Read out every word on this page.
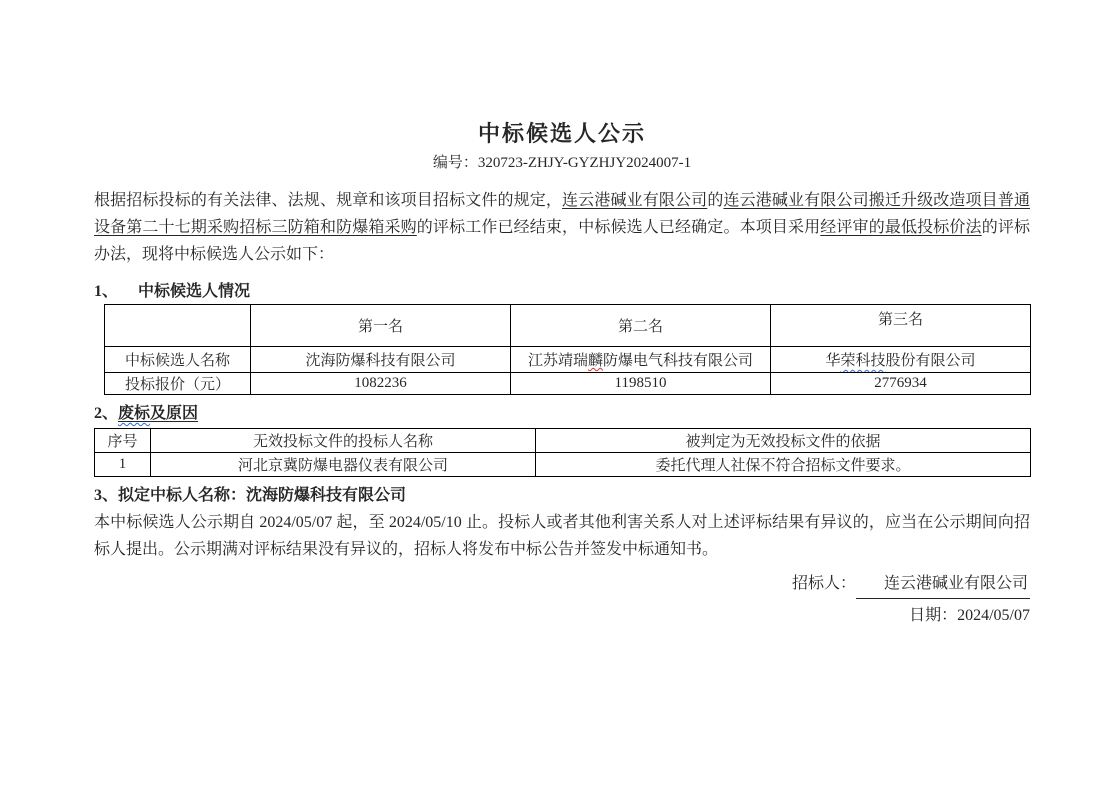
中标候选人公示
编号：320723-ZHJY-GYZHJY2024007-1
根据招标投标的有关法律、法规、规章和该项目招标文件的规定，连云港碱业有限公司的连云港碱业有限公司搬迁升级改造项目普通设备第二十七期采购招标三防箱和防爆箱采购的评标工作已经结束，中标候选人已经确定。本项目采用经评审的最低投标价法的评标办法，现将中标候选人公示如下：
1、 中标候选人情况
	第一名	第二名	第三名
中标候选人名称	沈海防爆科技有限公司	江苏靖瑞麟防爆电气科技有限公司	华荣科技股份有限公司
投标报价（元）	1082236	1198510	2776934
2、废标及原因
序号	无效投标文件的投标人名称	被判定为无效投标文件的依据
1	河北京冀防爆电器仪表有限公司	委托代理人社保不符合招标文件要求。
3、拟定中标人名称：沈海防爆科技有限公司
本中标候选人公示期自 2024/05/07 起，至 2024/05/10 止。投标人或者其他利害关系人对上述评标结果有异议的，应当在公示期间向招标人提出。公示期满对评标结果没有异议的，招标人将发布中标公告并签发中标通知书。
招标人： 连云港碱业有限公司
日期：2024/05/07
